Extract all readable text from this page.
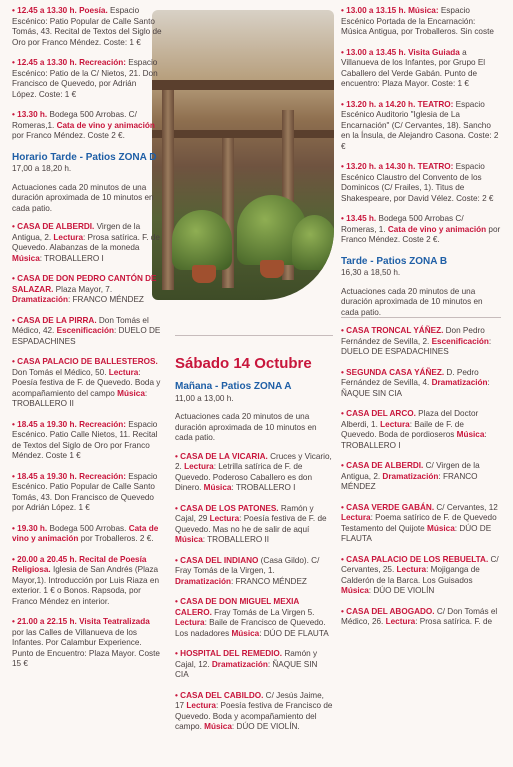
• 12.45 a 13.30 h. Poesía. Espacio Escénico: Patio Popular de Calle Santo Tomás, 43. Recital de Textos del Siglo de Oro por Franco Méndez. Coste: 1 €
• 12.45 a 13.30 h. Recreación: Espacio Escénico: Patio de la C/ Nietos, 21. Don Francisco de Quevedo, por Adrián López. Coste: 1 €
• 13.30 h. Bodega 500 Arrobas. C/ Romeras,1. Cata de vino y animación por Franco Méndez. Coste 2 €.
Horario Tarde - Patios ZONA D
17,00 a 18,20 h.
Actuaciones cada 20 minutos de una duración aproximada de 10 minutos en cada patio.
• CASA DE ALBERDI. Virgen de la Antigua, 2. Lectura: Prosa satírica. F. de Quevedo. Alabanzas de la moneda Música: TROBALLERO I
• CASA DE DON PEDRO CANTÓN DE SALAZAR. Plaza Mayor, 7. Dramatización: FRANCO MÉNDEZ
• CASA DE LA PIRRA. Don Tomás el Médico, 42. Escenificación: DUELO DE ESPADACHINES
• CASA PALACIO DE BALLESTEROS. Don Tomás el Médico, 50. Lectura: Poesía festiva de F. de Quevedo. Boda y acompañamiento del campo Música: TROBALLERO II
• 18.45 a 19.30 h. Recreación: Espacio Escénico. Patio Calle Nietos, 11. Recital de Textos del Siglo de Oro por Franco Méndez. Coste 1 €
• 18.45 a 19.30 h. Recreación: Espacio Escénico. Patio Popular de Calle Santo Tomás, 43. Don Francisco de Quevedo por Adrián López. 1 €
• 19.30 h. Bodega 500 Arrobas. Cata de vino y animación por Troballeros. 2 €.
• 20.00 a 20.45 h. Recital de Poesía Religiosa. Iglesia de San Andrés (Plaza Mayor,1). Introducción por Luis Riaza en exterior. 1 € o Bonos. Rapsoda, por Franco Méndez en interior.
• 21.00 a 22.15 h. Visita Teatralizada por las Calles de Villanueva de los Infantes. Por Calambur Experience. Punto de Encuentro: Plaza Mayor. Coste 15 €
Sábado 14 Octubre
Mañana - Patios ZONA A
11,00 a 13,00 h.
Actuaciones cada 20 minutos de una duración aproximada de 10 minutos en cada patio.
• CASA DE LA VICARIA. Cruces y Vicario, 2. Lectura: Letrilla satírica de F. de Quevedo. Poderoso Caballero es don Dinero. Música: TROBALLERO I
• CASA DE LOS PATONES. Ramón y Cajal, 29 Lectura: Poesía festiva de F. de Quevedo. Mas no he de salir de aquí Música: TROBALLERO II
• CASA DEL INDIANO (Casa Gildo). C/ Fray Tomás de la Virgen, 1. Dramatización: FRANCO MÉNDEZ
• CASA DE DON MIGUEL MEXIA CALERO. Fray Tomás de La Virgen 5. Lectura: Baile de Francisco de Quevedo. Los nadadores Música: DÚO DE FLAUTA
• HOSPITAL DEL REMEDIO. Ramón y Cajal, 12. Dramatización: ÑAQUE SIN CIA
• CASA DEL CABILDO. C/ Jesús Jaime, 17 Lectura: Poesía festiva de Francisco de Quevedo. Boda y acompañamiento del campo. Música: DÚO DE VIOLÍN.
• 13.00 a 13.15 h. Música: Espacio Escénico Portada de la Encarnación: Música Antigua, por Troballeros. Sin coste
• 13.00 a 13.45 h. Visita Guiada a Villanueva de los Infantes, por Grupo El Caballero del Verde Gabán. Punto de encuentro: Plaza Mayor. Coste: 1 €
• 13.20 h. a 14.20 h. TEATRO: Espacio Escénico Auditorio "Iglesia de La Encarnación" (C/ Cervantes, 18). Sancho en la Ínsula, de Alejandro Casona. Coste: 2 €
• 13.20 h. a 14.30 h. TEATRO: Espacio Escénico Claustro del Convento de los Dominicos (C/ Frailes, 1). Titus de Shakespeare, por David Vélez. Coste: 2 €
• 13.45 h. Bodega 500 Arrobas C/ Romeras, 1. Cata de vino y animación por Franco Méndez. Coste 2 €.
Tarde - Patios ZONA B
16,30 a 18,50 h.
Actuaciones cada 20 minutos de una duración aproximada de 10 minutos en cada patio.
• CASA TRONCAL YÁÑEZ. Don Pedro Fernández de Sevilla, 2. Escenificación: DUELO DE ESPADACHINES
• SEGUNDA CASA YÁÑEZ. D. Pedro Fernández de Sevilla, 4. Dramatización: ÑAQUE SIN CIA
• CASA DEL ARCO. Plaza del Doctor Alberdi, 1. Lectura: Baile de F. de Quevedo. Boda de pordioseros Música: TROBALLERO I
• CASA DE ALBERDI. C/ Virgen de la Antigua, 2. Dramatización: FRANCO MÉNDEZ
• CASA VERDE GABÁN. C/ Cervantes, 12 Lectura: Poema satírico de F. de Quevedo Testamento del Quijote Música: DÚO DE FLAUTA
• CASA PALACIO DE LOS REBUELTA. C/ Cervantes, 25. Lectura: Mojiganga de Calderón de la Barca. Los Guisados Música: DÚO DE VIOLÍN
• CASA DEL ABOGADO. C/ Don Tomás el Médico, 26. Lectura: Prosa satírica. F. de
